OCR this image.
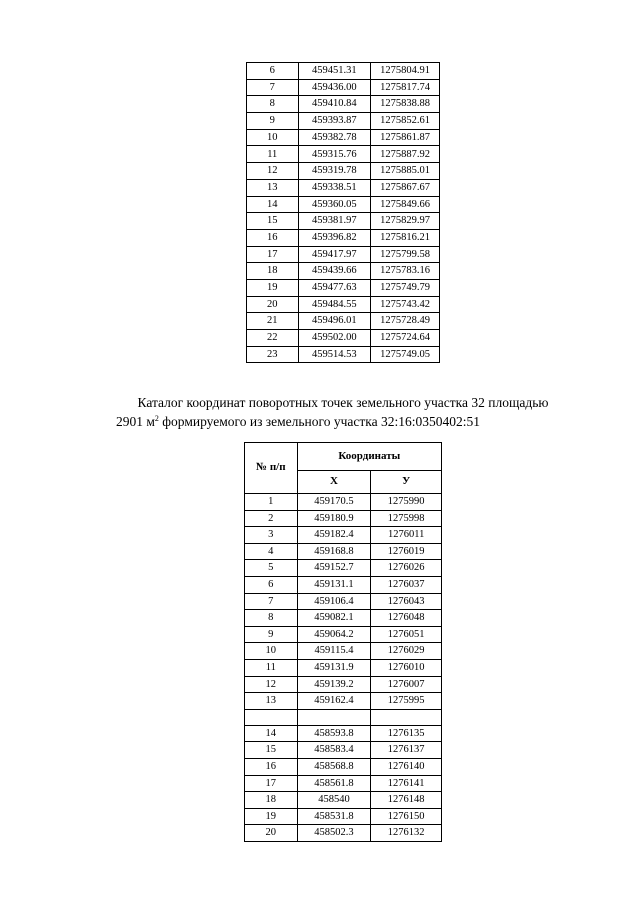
6	459451.31	1275804.91
7	459436.00	1275817.74
8	459410.84	1275838.88
9	459393.87	1275852.61
10	459382.78	1275861.87
11	459315.76	1275887.92
12	459319.78	1275885.01
13	459338.51	1275867.67
14	459360.05	1275849.66
15	459381.97	1275829.97
16	459396.82	1275816.21
17	459417.97	1275799.58
18	459439.66	1275783.16
19	459477.63	1275749.79
20	459484.55	1275743.42
21	459496.01	1275728.49
22	459502.00	1275724.64
23	459514.53	1275749.05
Каталог координат поворотных точек земельного участка 32 площадью
2901 $м^2$ формируемого из земельного участка 32:16:0350402:51
№ п/п	Координаты	
	Х	У
1	459170.5	1275990
2	459180.9	1275998
3	459182.4	1276011
4	459168.8	1276019
5	459152.7	1276026
6	459131.1	1276037
7	459106.4	1276043
8	459082.1	1276048
9	459064.2	1276051
10	459115.4	1276029
11	459131.9	1276010
12	459139.2	1276007
13	459162.4	1275995

14	458593.8	1276135
15	458583.4	1276137
16	458568.8	1276140
17	458561.8	1276141
18	458540	1276148
19	458531.8	1276150
20	458502.3	1276132
